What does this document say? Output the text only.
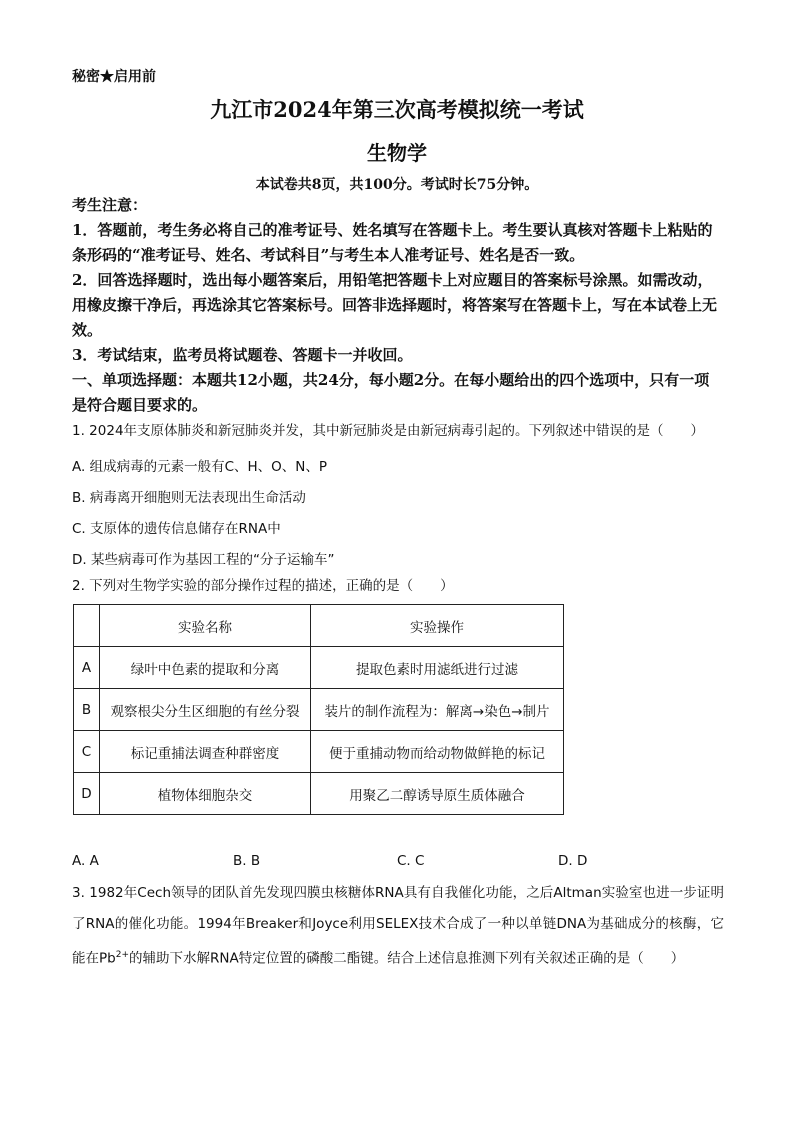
秘密★启用前
九江市2024年第三次高考模拟统一考试
生物学
本试卷共8页，共100分。考试时长75分钟。
考生注意：
1．答题前，考生务必将自己的准考证号、姓名填写在答题卡上。考生要认真核对答题卡上粘贴的条形码的“准考证号、姓名、考试科目”与考生本人准考证号、姓名是否一致。
2．回答选择题时，选出每小题答案后，用铅笔把答题卡上对应题目的答案标号涂黑。如需改动，用橡皮擦干净后，再选涂其它答案标号。回答非选择题时，将答案写在答题卡上，写在本试卷上无效。
3．考试结束，监考员将试题卷、答题卡一并收回。
一、单项选择题：本题共12小题，共24分，每小题2分。在每小题给出的四个选项中，只有一项是符合题目要求的。
1. 2024年支原体肺炎和新冠肺炎并发，其中新冠肺炎是由新冠病毒引起的。下列叙述中错误的是（　　）
A. 组成病毒的元素一般有C、H、O、N、P
B. 病毒离开细胞则无法表现出生命活动
C. 支原体的遗传信息储存在RNA中
D. 某些病毒可作为基因工程的“分子运输车”
2. 下列对生物学实验的部分操作过程的描述，正确的是（　　）
	实验名称	实验操作
A	绿叶中色素的提取和分离	提取色素时用滤纸进行过滤
B	观察根尖分生区细胞的有丝分裂	装片的制作流程为：解离→染色→制片
C	标记重捕法调查种群密度	便于重捕动物而给动物做鲜艳的标记
D	植物体细胞杂交	用聚乙二醇诱导原生质体融合
A. A	B. B	C. C	D. D
3. 1982年Cech领导的团队首先发现四膜虫核糖体RNA具有自我催化功能，之后Altman实验室也进一步证明了RNA的催化功能。1994年Breaker和Joyce利用SELEX技术合成了一种以单链DNA为基础成分的核酶，它能在$Pb^{2+}$的辅助下水解RNA特定位置的磷酸二酯键。结合上述信息推测下列有关叙述正确的是（　　）
